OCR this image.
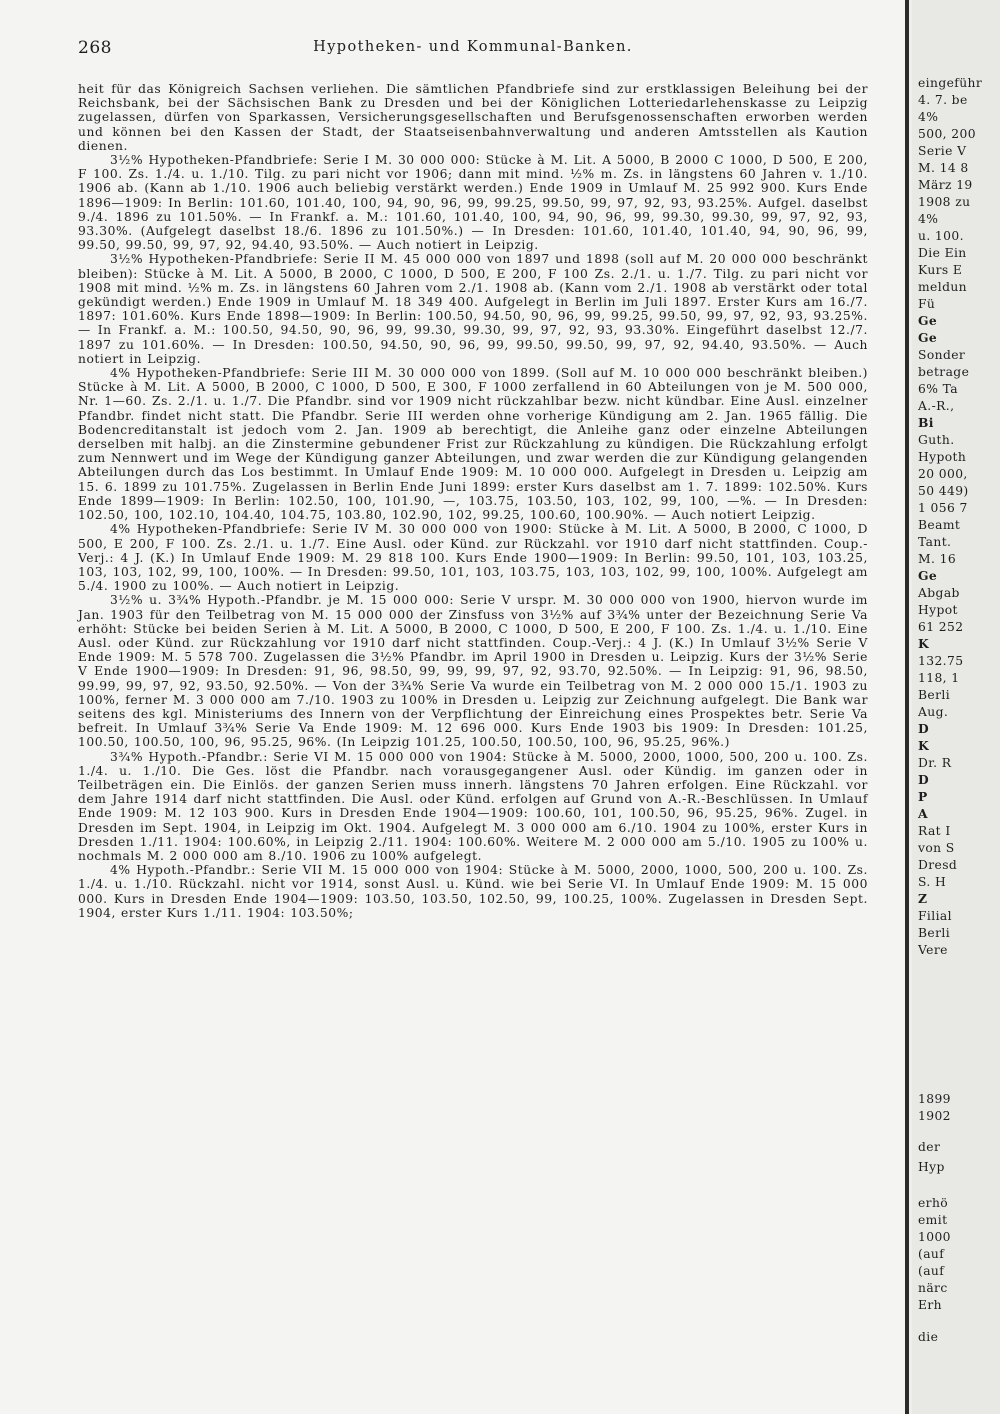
268	Hypotheken- und Kommunal-Banken.

heit für das Königreich Sachsen verliehen. Die sämtlichen Pfandbriefe sind zur erstklassigen Beleihung bei der Reichsbank, bei der Sächsischen Bank zu Dresden und bei der Königlichen Lotteriedarlehenskasse zu Leipzig zugelassen, dürfen von Sparkassen, Versicherungsgesellschaften und Berufsgenossenschaften erworben werden und können bei den Kassen der Stadt, der Staatseisenbahnverwaltung und anderen Amtsstellen als Kaution dienen.

3½% Hypotheken-Pfandbriefe: Serie I M. 30 000 000: Stücke à M. Lit. A 5000, B 2000 C 1000, D 500, E 200, F 100. Zs. 1./4. u. 1./10. Tilg. zu pari nicht vor 1906; dann mit mind. ½% m. Zs. in längstens 60 Jahren v. 1./10. 1906 ab. (Kann ab 1./10. 1906 auch beliebig verstärkt werden.) Ende 1909 in Umlauf M. 25 992 900. Kurs Ende 1896—1909: In Berlin: 101.60, 101.40, 100, 94, 90, 96, 99, 99.25, 99.50, 99, 97, 92, 93, 93.25%. Aufgel. daselbst 9./4. 1896 zu 101.50%. — In Frankf. a. M.: 101.60, 101.40, 100, 94, 90, 96, 99, 99.30, 99.30, 99, 97, 92, 93, 93.30%. (Aufgelegt daselbst 18./6. 1896 zu 101.50%.) — In Dresden: 101.60, 101.40, 101.40, 94, 90, 96, 99, 99.50, 99.50, 99, 97, 92, 94.40, 93.50%. — Auch notiert in Leipzig.

3½% Hypotheken-Pfandbriefe: Serie II M. 45 000 000 von 1897 und 1898 (soll auf M. 20 000 000 beschränkt bleiben): Stücke à M. Lit. A 5000, B 2000, C 1000, D 500, E 200, F 100 Zs. 2./1. u. 1./7. Tilg. zu pari nicht vor 1908 mit mind. ½% m. Zs. in längstens 60 Jahren vom 2./1. 1908 ab. (Kann vom 2./1. 1908 ab verstärkt oder total gekündigt werden.) Ende 1909 in Umlauf M. 18 349 400. Aufgelegt in Berlin im Juli 1897. Erster Kurs am 16./7. 1897: 101.60%. Kurs Ende 1898—1909: In Berlin: 100.50, 94.50, 90, 96, 99, 99.25, 99.50, 99, 97, 92, 93, 93.25%. — In Frankf. a. M.: 100.50, 94.50, 90, 96, 99, 99.30, 99.30, 99, 97, 92, 93, 93.30%. Eingeführt daselbst 12./7. 1897 zu 101.60%. — In Dresden: 100.50, 94.50, 90, 96, 99, 99.50, 99.50, 99, 97, 92, 94.40, 93.50%. — Auch notiert in Leipzig.

4% Hypotheken-Pfandbriefe: Serie III M. 30 000 000 von 1899. (Soll auf M. 10 000 000 beschränkt bleiben.) Stücke à M. Lit. A 5000, B 2000, C 1000, D 500, E 300, F 1000 zerfallend in 60 Abteilungen von je M. 500 000, Nr. 1—60. Zs. 2./1. u. 1./7. Die Pfandbr. sind vor 1909 nicht rückzahlbar bezw. nicht kündbar. Eine Ausl. einzelner Pfandbr. findet nicht statt. Die Pfandbr. Serie III werden ohne vorherige Kündigung am 2. Jan. 1965 fällig. Die Bodencreditanstalt ist jedoch vom 2. Jan. 1909 ab berechtigt, die Anleihe ganz oder einzelne Abteilungen derselben mit halbj. an die Zinstermine gebundener Frist zur Rückzahlung zu kündigen. Die Rückzahlung erfolgt zum Nennwert und im Wege der Kündigung ganzer Abteilungen, und zwar werden die zur Kündigung gelangenden Abteilungen durch das Los bestimmt. In Umlauf Ende 1909: M. 10 000 000. Aufgelegt in Dresden u. Leipzig am 15. 6. 1899 zu 101.75%. Zugelassen in Berlin Ende Juni 1899: erster Kurs daselbst am 1. 7. 1899: 102.50%. Kurs Ende 1899—1909: In Berlin: 102.50, 100, 101.90, —, 103.75, 103.50, 103, 102, 99, 100, —%. — In Dresden: 102.50, 100, 102.10, 104.40, 104.75, 103.80, 102.90, 102, 99.25, 100.60, 100.90%. — Auch notiert Leipzig.

4% Hypotheken-Pfandbriefe: Serie IV M. 30 000 000 von 1900: Stücke à M. Lit. A 5000, B 2000, C 1000, D 500, E 200, F 100. Zs. 2./1. u. 1./7. Eine Ausl. oder Künd. zur Rückzahl. vor 1910 darf nicht stattfinden. Coup.-Verj.: 4 J. (K.) In Umlauf Ende 1909: M. 29 818 100. Kurs Ende 1900—1909: In Berlin: 99.50, 101, 103, 103.25, 103, 103, 102, 99, 100, 100%. — In Dresden: 99.50, 101, 103, 103.75, 103, 103, 102, 99, 100, 100%. Aufgelegt am 5./4. 1900 zu 100%. — Auch notiert in Leipzig.

3½% u. 3¾% Hypoth.-Pfandbr. je M. 15 000 000: Serie V urspr. M. 30 000 000 von 1900, hiervon wurde im Jan. 1903 für den Teilbetrag von M. 15 000 000 der Zinsfuss von 3½% auf 3¾% unter der Bezeichnung Serie Va erhöht: Stücke bei beiden Serien à M. Lit. A 5000, B 2000, C 1000, D 500, E 200, F 100. Zs. 1./4. u. 1./10. Eine Ausl. oder Künd. zur Rückzahlung vor 1910 darf nicht stattfinden. Coup.-Verj.: 4 J. (K.) In Umlauf 3½% Serie V Ende 1909: M. 5 578 700. Zugelassen die 3½% Pfandbr. im April 1900 in Dresden u. Leipzig. Kurs der 3½% Serie V Ende 1900—1909: In Dresden: 91, 96, 98.50, 99, 99, 99, 97, 92, 93.70, 92.50%. — In Leipzig: 91, 96, 98.50, 99.99, 99, 97, 92, 93.50, 92.50%. — Von der 3¾% Serie Va wurde ein Teilbetrag von M. 2 000 000 15./1. 1903 zu 100%, ferner M. 3 000 000 am 7./10. 1903 zu 100% in Dresden u. Leipzig zur Zeichnung aufgelegt. Die Bank war seitens des kgl. Ministeriums des Innern von der Verpflichtung der Einreichung eines Prospektes betr. Serie Va befreit. In Umlauf 3¾% Serie Va Ende 1909: M. 12 696 000. Kurs Ende 1903 bis 1909: In Dresden: 101.25, 100.50, 100.50, 100, 96, 95.25, 96%. (In Leipzig 101.25, 100.50, 100.50, 100, 96, 95.25, 96%.)

3¾% Hypoth.-Pfandbr.: Serie VI M. 15 000 000 von 1904: Stücke à M. 5000, 2000, 1000, 500, 200 u. 100. Zs. 1./4. u. 1./10. Die Ges. löst die Pfandbr. nach vorausgegangener Ausl. oder Kündig. im ganzen oder in Teilbeträgen ein. Die Einlös. der ganzen Serien muss innerh. längstens 70 Jahren erfolgen. Eine Rückzahl. vor dem Jahre 1914 darf nicht stattfinden. Die Ausl. oder Künd. erfolgen auf Grund von A.-R.-Beschlüssen. In Umlauf Ende 1909: M. 12 103 900. Kurs in Dresden Ende 1904—1909: 100.60, 101, 100.50, 96, 95.25, 96%. Zugel. in Dresden im Sept. 1904, in Leipzig im Okt. 1904. Aufgelegt M. 3 000 000 am 6./10. 1904 zu 100%, erster Kurs in Dresden 1./11. 1904: 100.60%, in Leipzig 2./11. 1904: 100.60%. Weitere M. 2 000 000 am 5./10. 1905 zu 100% u. nochmals M. 2 000 000 am 8./10. 1906 zu 100% aufgelegt.

4% Hypoth.-Pfandbr.: Serie VII M. 15 000 000 von 1904: Stücke à M. 5000, 2000, 1000, 500, 200 u. 100. Zs. 1./4. u. 1./10. Rückzahl. nicht vor 1914, sonst Ausl. u. Künd. wie bei Serie VI. In Umlauf Ende 1909: M. 15 000 000. Kurs in Dresden Ende 1904—1909: 103.50, 103.50, 102.50, 99, 100.25, 100%. Zugelassen in Dresden Sept. 1904, erster Kurs 1./11. 1904: 103.50%;

eingeführ
4. 7. be
4%
500, 200
Serie V
M. 14 8
März 19
1908 zu
4%
u. 100.
Die Ein
Kurs E
meldun
Fü
Ge
Ge
Sonder
betrage
6% Ta
A.-R.,
Bi
Guth.
Hypoth
20 000,
50 449)
1 056 7
Beamt
Tant.
M. 16
Ge
Abgab
Hypot
61 252
K
132.75
118, 1
Berli
Aug.
D
K
Dr. R
D
P
A
Rat I
von S
Dresd
S. H
Z
Filial
Berli
Vere
1899
1902
der
Hyp
erhö
emit
1000
(auf
(auf
närc
Erh
die
